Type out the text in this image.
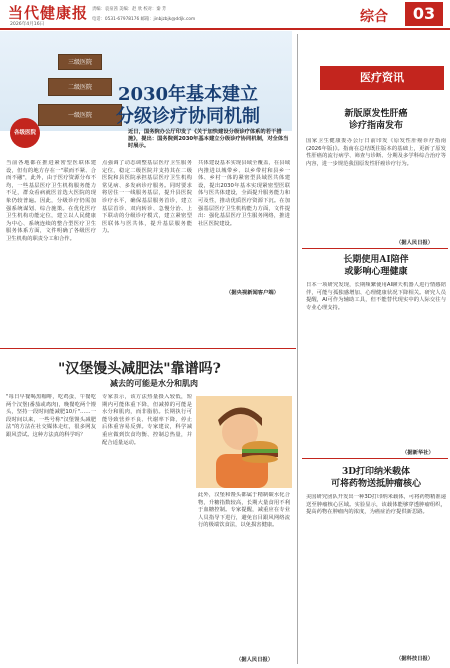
当代健康报
2026年4月16日
责编：袁泉茜 美编：赵 欣 校对：秦 芳
电话：0531-67978176 邮箱：jinbjzbjk@ddjk.com	综合	03
三级医院
二级医院
一级医院
各级医院
2030年基本建立
分级诊疗协同机制
近日，国务院办公厅印发了《关于加快建设分级诊疗体系的若干措施》，提出：国务院到2030年基本建立分级诊疗协同机制，对全体当时展示。
当前各地都在推进紧密型医联体建设，但有的地方存在一"联而不紧、合而不融"，此外，由于医疗资源分布不均，一些基层医疗卫生机构服务能力不足，群众看病就医首选大医院的现象仍较普遍。因此，分级诊疗仍需加强系统谋划、综合施策。在优化医疗卫生机构功能定位，建立以人民健康为中心、系统连续的整合型医疗卫生服务体系方面，文件明确了各级医疗卫生机构的职责分工和合作。
点强调了动态调整基层医疗卫生服务定位，稳定二级医院并支持其在二级医院和县医院承担基层医疗卫生机构常见病、多发病诊疗服务。同时要求将居住一一线服务基层，提升县医院诊疗水平，确保基层服务首诊，建立基层首诊、双向转诊、急慢分治、上下联动的分级诊疗模式，建立紧密型医联体与医共体，提升基层服务能力。
共体建设基本实现县域全覆盖，在县域内推进以城带乡、以乡带村和县乡一体、乡村一体的紧密型县域医共体建设，提出2030年基本实现紧密型医联体与医共体建设，全面提升服务能力和可及性，推动优质医疗资源下沉。在加强基层医疗卫生机构能力方面，文件提出：强化基层医疗卫生服务网络，推进社区医院建设。
（据央视新闻客户端）
"汉堡馒头减肥法"靠谱吗?
减去的可能是水分和肌肉
"每日早餐喝黑咖啡，吃鸡蛋，午餐吃两个汉堡(番茄或鸡肉)，晚餐吃两个馒头，坚持一段时间能减肥10斤"……一段时间以来，一些号称"汉堡馒头减肥法"的方法在社交媒体走红，很多网友跟风尝试。这种方法真的科学吗？
专家表示，该方法热量摄入较低，短期内可能体重下降，但减掉的可能是水分和肌肉，而非脂肪。长期执行可能导致营养不良、代谢率下降，停止后体重容易反弹。专家建议，科学减重应做到饮食均衡、控制总热量，并配合适量运动。
此外，汉堡和馒头都属于精制碳水化合物，升糖指数较高，长期大量食用不利于血糖控制。专家提醒，减重应在专业人员指导下进行，避免盲目跟风网络流行的极端饮食法，以免损害健康。
（据人民日报）
医疗资讯
新版原发性肝癌
诊疗指南发布
国家卫生健康委办公厅日前印发《原发性肝癌诊疗指南(2026年版)》。指南在总结既往版本的基础上，更新了原发性肝癌的流行病学、筛查与诊断、分期及多学科综合治疗等内容，进一步规范我国原发性肝癌诊疗行为。
（据人民日报）
长期使用AI陪伴
或影响心理健康
日本一项研究发现，长期频繁使用AI聊天机器人进行情感陪伴，可能与孤独感增加、心理健康状况下降相关。研究人员提醒，AI可作为辅助工具，但不能替代现实中的人际交往与专业心理支持。
（据新华社）
3D打印纳米载体
可将药物送抵肿瘤核心
美国研究团队开发出一种3D打印纳米载体，可将药物精准递送至肿瘤核心区域。实验显示，该载体能够穿透肿瘤组织，提高药物在肿瘤内的浓度，为癌症治疗提供新思路。
（据科技日报）
